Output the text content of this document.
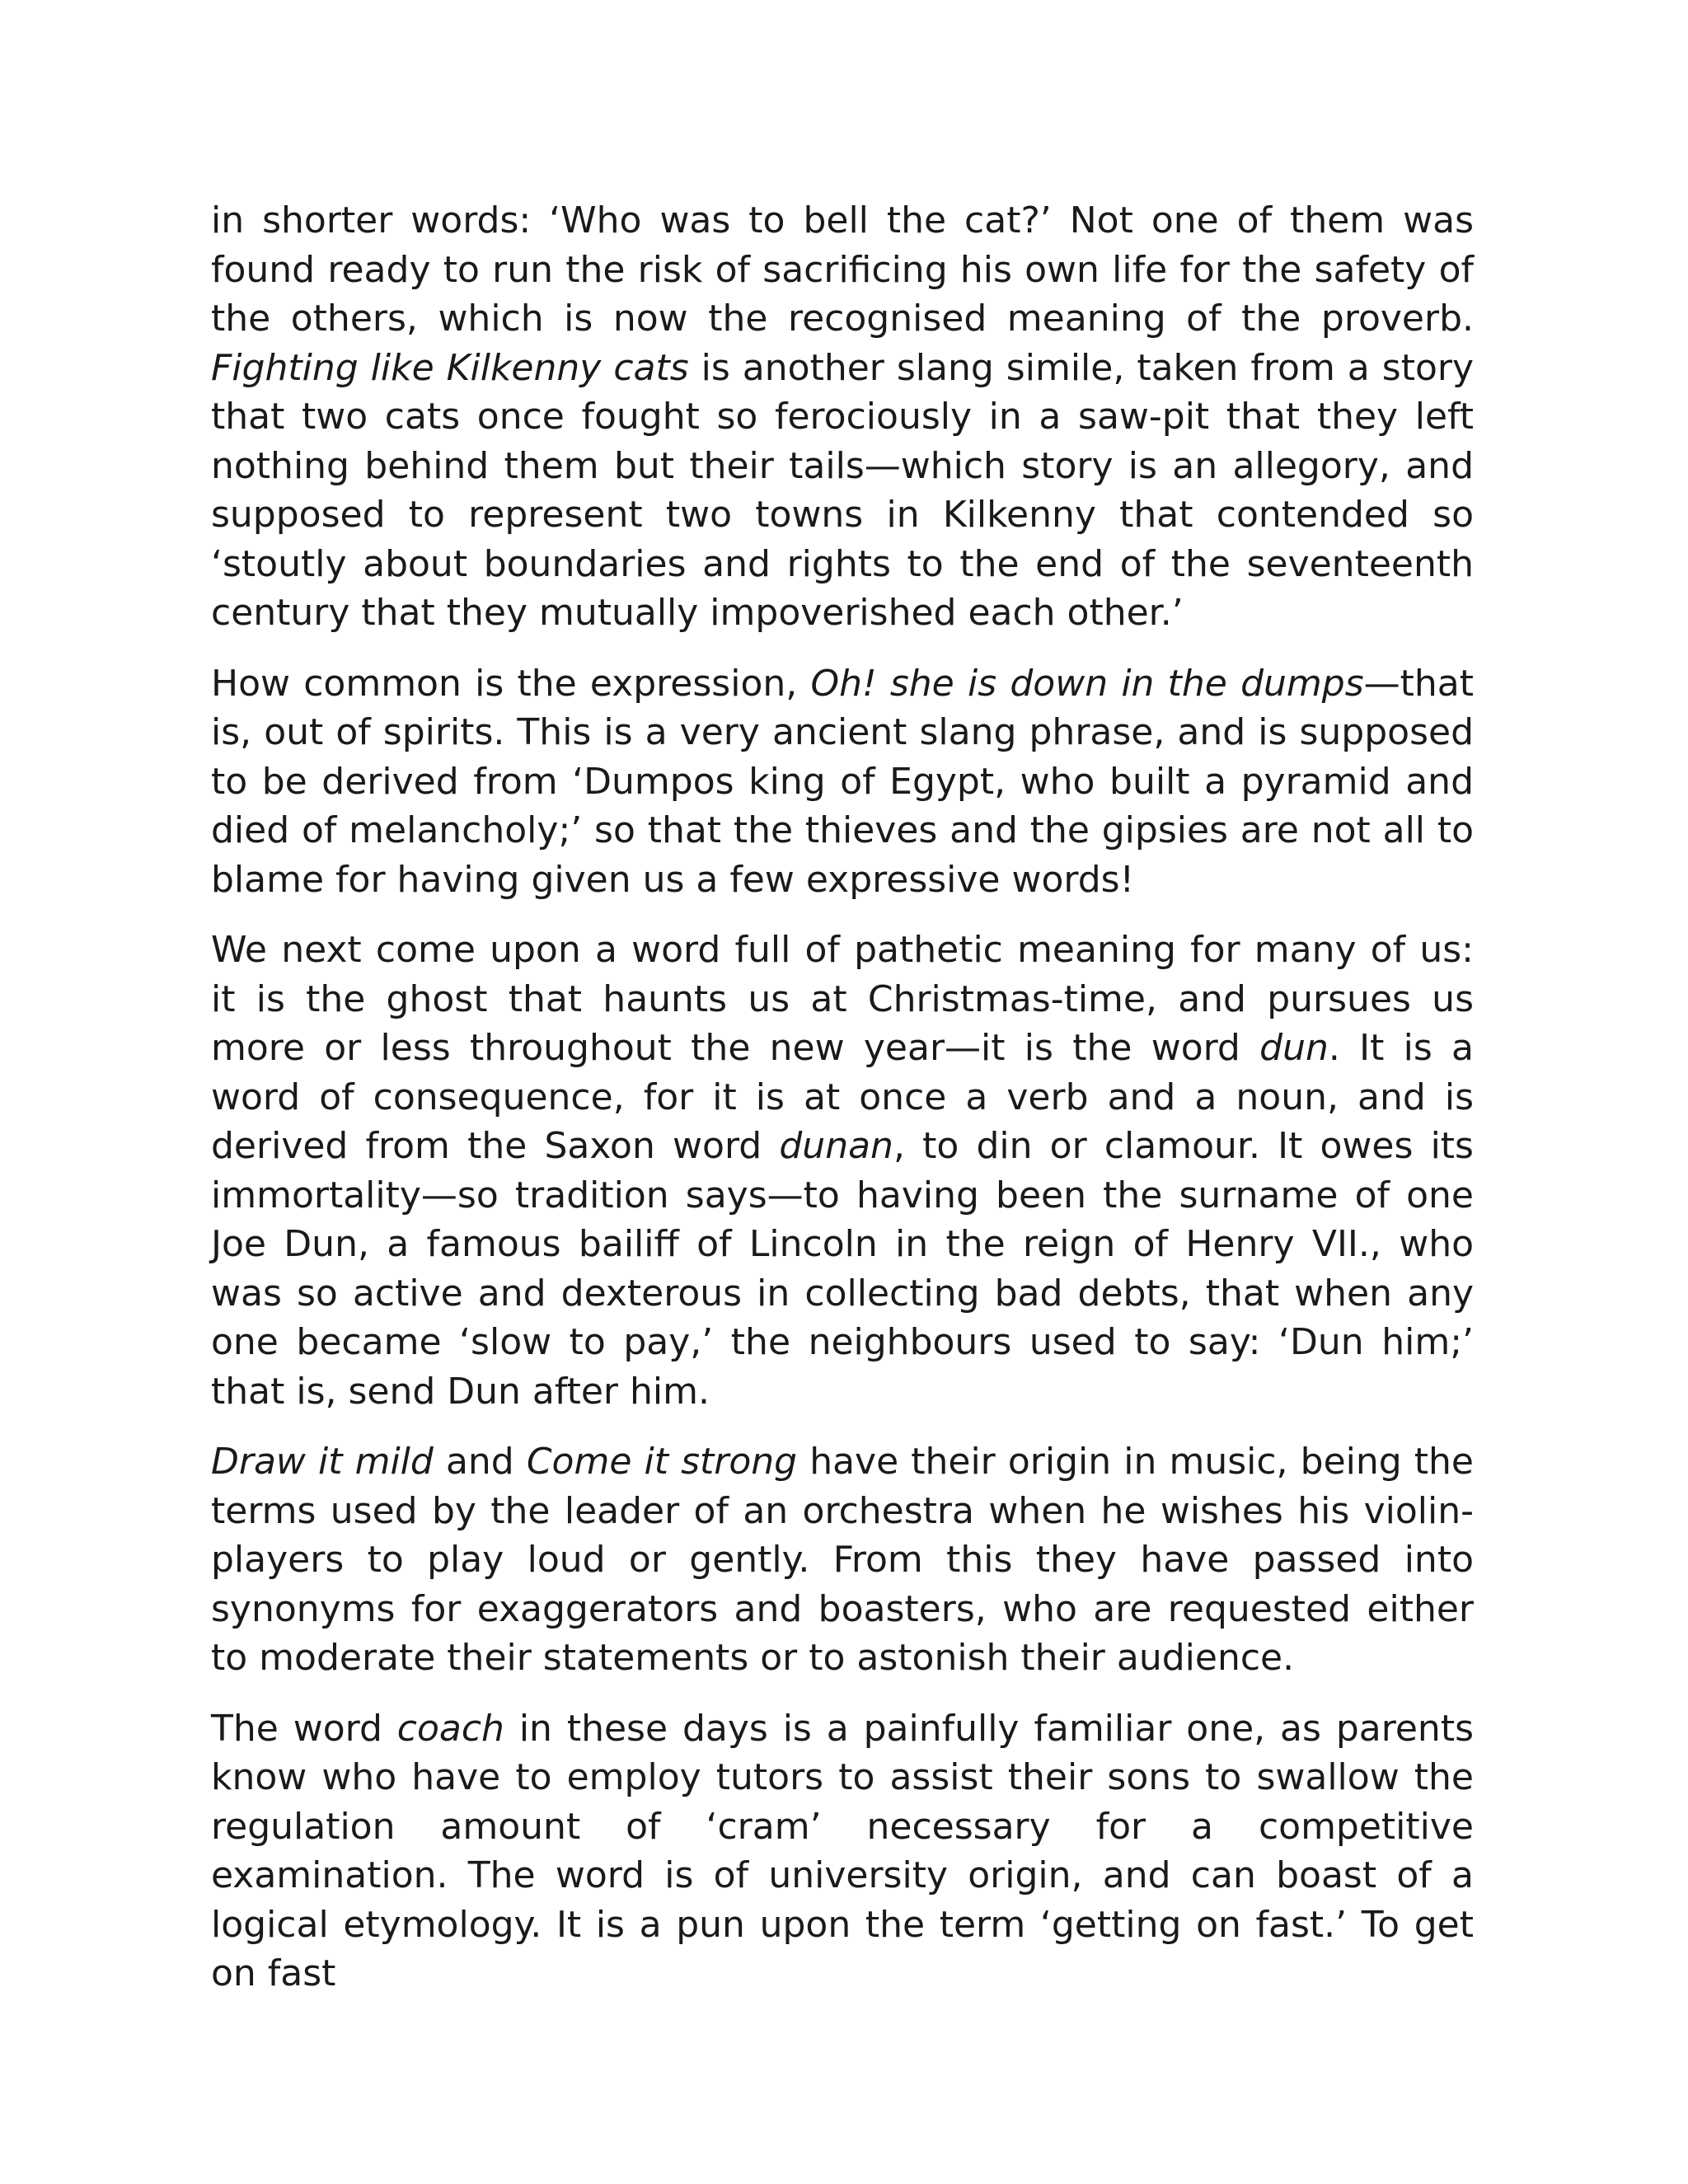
in shorter words: ‘Who was to bell the cat?’ Not one of them was found ready to run the risk of sacrificing his own life for the safety of the others, which is now the recognised meaning of the proverb. Fighting like Kilkenny cats is another slang simile, taken from a story that two cats once fought so ferociously in a saw-pit that they left nothing behind them but their tails—which story is an allegory, and supposed to represent two towns in Kilkenny that contended so ‘stoutly about boundaries and rights to the end of the seventeenth century that they mutually impoverished each other.’

How common is the expression, Oh! she is down in the dumps—that is, out of spirits. This is a very ancient slang phrase, and is supposed to be derived from ‘Dumpos king of Egypt, who built a pyramid and died of melancholy;’ so that the thieves and the gipsies are not all to blame for having given us a few expressive words!

We next come upon a word full of pathetic meaning for many of us: it is the ghost that haunts us at Christmas-time, and pursues us more or less throughout the new year—it is the word dun. It is a word of consequence, for it is at once a verb and a noun, and is derived from the Saxon word dunan, to din or clamour. It owes its immortality—so tradition says—to having been the surname of one Joe Dun, a famous bailiff of Lincoln in the reign of Henry VII., who was so active and dexterous in collecting bad debts, that when any one became ‘slow to pay,’ the neighbours used to say: ‘Dun him;’ that is, send Dun after him.

Draw it mild and Come it strong have their origin in music, being the terms used by the leader of an orchestra when he wishes his violin-players to play loud or gently. From this they have passed into synonyms for exaggerators and boasters, who are requested either to moderate their statements or to astonish their audience.

The word coach in these days is a painfully familiar one, as parents know who have to employ tutors to assist their sons to swallow the regulation amount of ‘cram’ necessary for a competitive examination. The word is of university origin, and can boast of a logical etymology. It is a pun upon the term ‘getting on fast.’ To get on fast
